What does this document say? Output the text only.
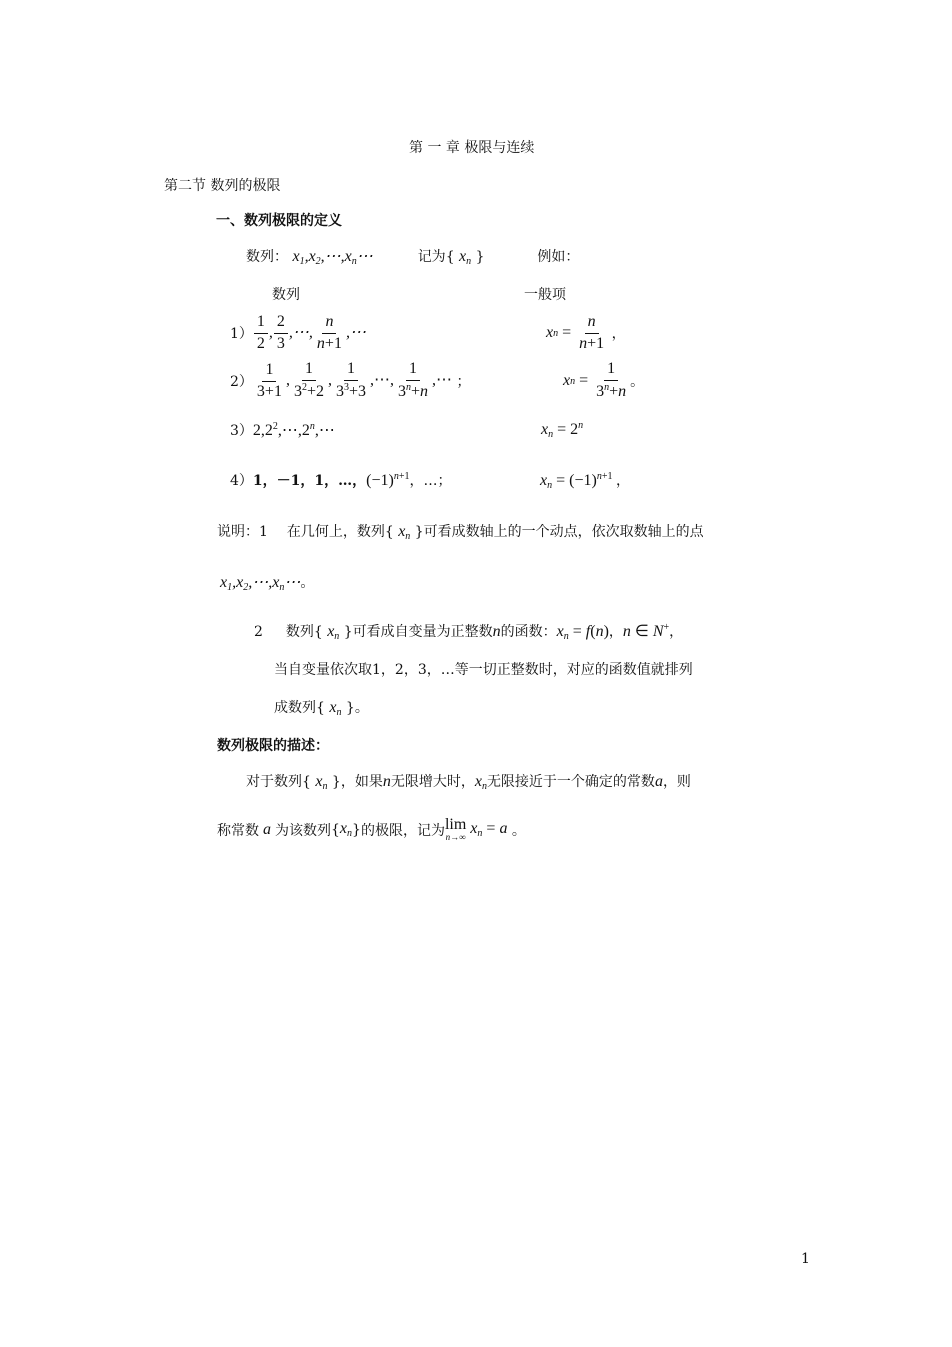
第 一 章 极限与连续
第二节 数列的极限
一、数列极限的定义
数列： $x_1,x_2,\cdots,x_n\cdots$	记为{ $x_n$ }	例如：
数列	一般项
$1) \frac{1}{2}$ , $\frac{2}{3}$ ,⋯, $\frac{n}{n+1}$ ,⋯	x $n = \frac{n}{n+1}$ ，
$2) \frac{1}{3+1}$ , $\frac{1}{3^2+2}$ , $\frac{1}{3^3+3}$ ,⋯, $\frac{1}{3^n+n}$ ,⋯ ；	x $n = \frac{1}{3^n+n}$ 。
$3)2,2^2,\cdots,2^n,\cdots$	$x_n = 2^n$
4）1，－1，1，…，$(-1)^{n+1}$，…；	$x_n = (-1)^{n+1}$ ，
说明：1 在几何上，数列{ $x_n$ }可看成数轴上的一个动点，依次取数轴上的点
$x_1,x_2,\cdots,x_n\cdots$。
2 数列{ $x_n$ }可看成自变量为正整数n的函数：$x_n = f(n)$，n ∈ N+，
当自变量依次取1，2，3，…等一切正整数时，对应的函数值就排列
成数列{ $x_n$ }。
数列极限的描述：
对于数列{ $x_n$ }，如果n无限增大时，$x_n$无限接近于一个确定的常数a，则
称常数 a 为该数列 { $x_n$ } 的极限，记为 lim
n→∞ $x_n = a$ 。
1
